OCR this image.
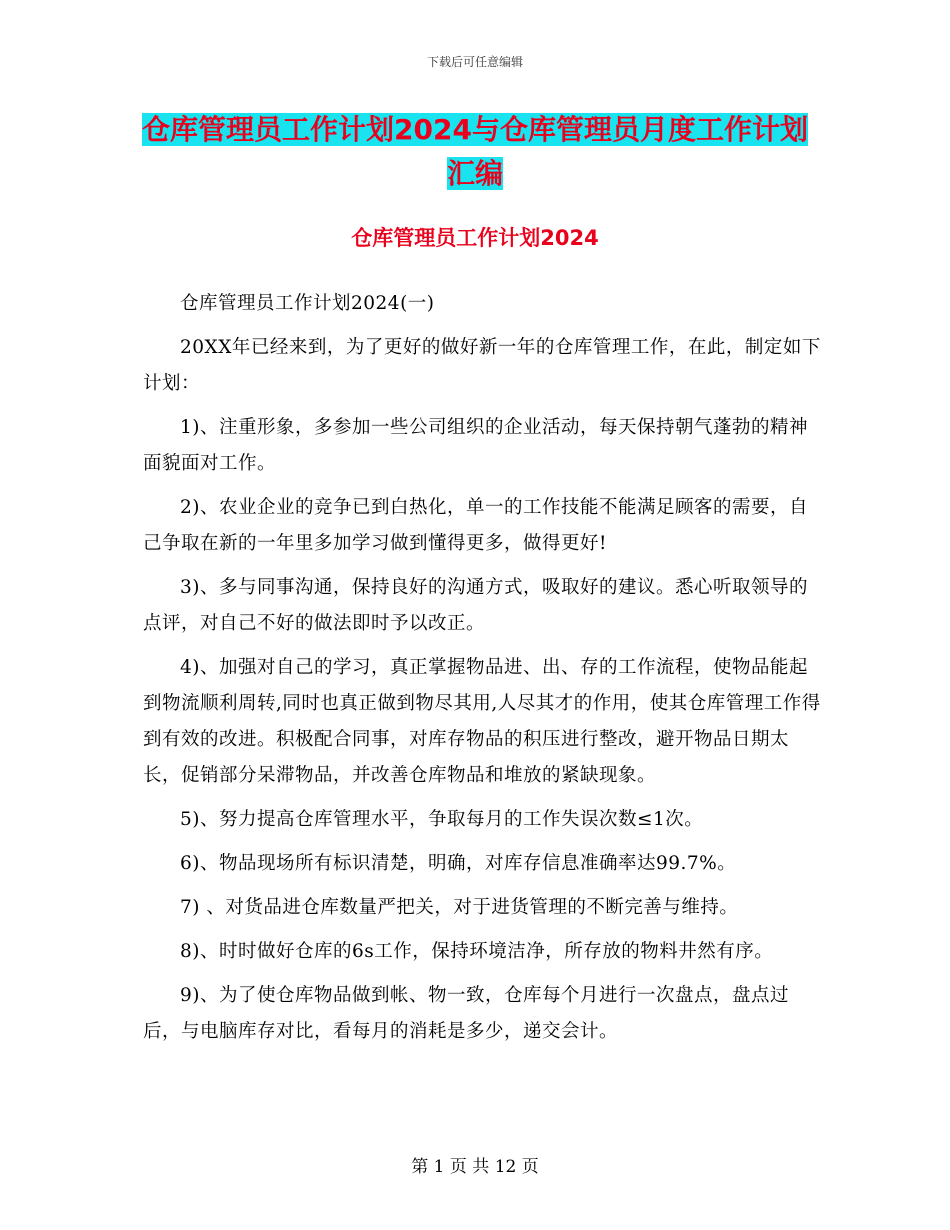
下载后可任意编辑
仓库管理员工作计划2024与仓库管理员月度工作计划
汇编
仓库管理员工作计划2024

仓库管理员工作计划2024(一)

20XX年已经来到，为了更好的做好新一年的仓库管理工作，在此，制定如下计划：

1)、注重形象，多参加一些公司组织的企业活动，每天保持朝气蓬勃的精神面貌面对工作。

2)、农业企业的竞争已到白热化，单一的工作技能不能满足顾客的需要，自己争取在新的一年里多加学习做到懂得更多，做得更好!

3)、多与同事沟通，保持良好的沟通方式，吸取好的建议。悉心听取领导的点评，对自己不好的做法即时予以改正。

4)、加强对自己的学习，真正掌握物品进、出、存的工作流程，使物品能起到物流顺利周转,同时也真正做到物尽其用,人尽其才的作用，使其仓库管理工作得到有效的改进。积极配合同事，对库存物品的积压进行整改，避开物品日期太长，促销部分呆滞物品，并改善仓库物品和堆放的紧缺现象。

5)、努力提高仓库管理水平，争取每月的工作失误次数≤1次。

6)、物品现场所有标识清楚，明确，对库存信息准确率达99.7%。

7) 、对货品进仓库数量严把关，对于进货管理的不断完善与维持。

8)、时时做好仓库的6s工作，保持环境洁净，所存放的物料井然有序。

9)、为了使仓库物品做到帐、物一致，仓库每个月进行一次盘点，盘点过后，与电脑库存对比，看每月的消耗是多少，递交会计。

第 1 页 共 12 页
